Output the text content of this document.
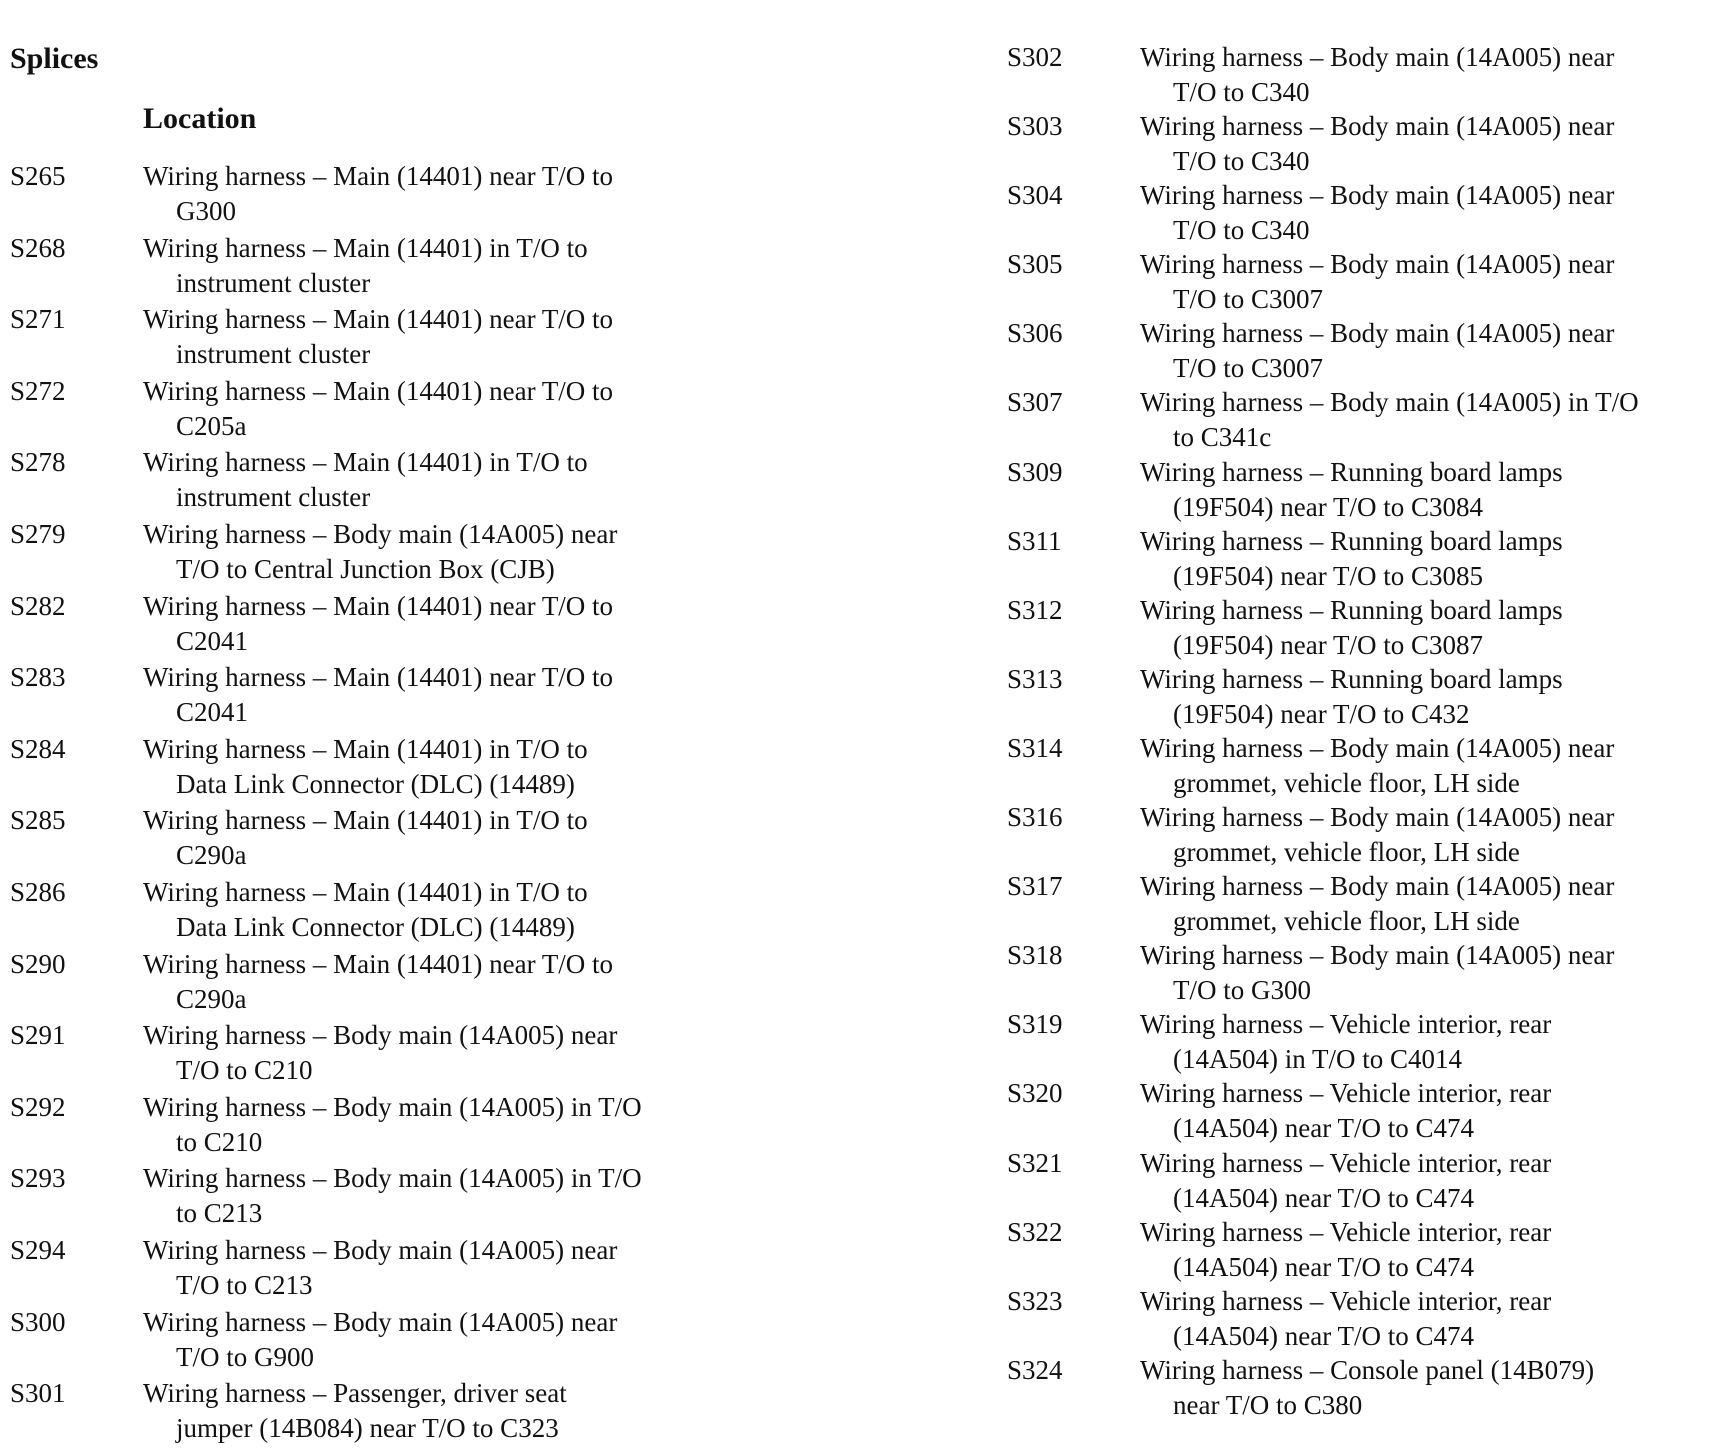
Splices
Location
S265	Wiring harness – Main (14401) near T/O to
G300
S268	Wiring harness – Main (14401) in T/O to
instrument cluster
S271	Wiring harness – Main (14401) near T/O to
instrument cluster
S272	Wiring harness – Main (14401) near T/O to
C205a
S278	Wiring harness – Main (14401) in T/O to
instrument cluster
S279	Wiring harness – Body main (14A005) near
T/O to Central Junction Box (CJB)
S282	Wiring harness – Main (14401) near T/O to
C2041
S283	Wiring harness – Main (14401) near T/O to
C2041
S284	Wiring harness – Main (14401) in T/O to
Data Link Connector (DLC) (14489)
S285	Wiring harness – Main (14401) in T/O to
C290a
S286	Wiring harness – Main (14401) in T/O to
Data Link Connector (DLC) (14489)
S290	Wiring harness – Main (14401) near T/O to
C290a
S291	Wiring harness – Body main (14A005) near
T/O to C210
S292	Wiring harness – Body main (14A005) in T/O
to C210
S293	Wiring harness – Body main (14A005) in T/O
to C213
S294	Wiring harness – Body main (14A005) near
T/O to C213
S300	Wiring harness – Body main (14A005) near
T/O to G900
S301	Wiring harness – Passenger, driver seat
jumper (14B084) near T/O to C323
S302	Wiring harness – Body main (14A005) near
T/O to C340
S303	Wiring harness – Body main (14A005) near
T/O to C340
S304	Wiring harness – Body main (14A005) near
T/O to C340
S305	Wiring harness – Body main (14A005) near
T/O to C3007
S306	Wiring harness – Body main (14A005) near
T/O to C3007
S307	Wiring harness – Body main (14A005) in T/O
to C341c
S309	Wiring harness – Running board lamps
(19F504) near T/O to C3084
S311	Wiring harness – Running board lamps
(19F504) near T/O to C3085
S312	Wiring harness – Running board lamps
(19F504) near T/O to C3087
S313	Wiring harness – Running board lamps
(19F504) near T/O to C432
S314	Wiring harness – Body main (14A005) near
grommet, vehicle floor, LH side
S316	Wiring harness – Body main (14A005) near
grommet, vehicle floor, LH side
S317	Wiring harness – Body main (14A005) near
grommet, vehicle floor, LH side
S318	Wiring harness – Body main (14A005) near
T/O to G300
S319	Wiring harness – Vehicle interior, rear
(14A504) in T/O to C4014
S320	Wiring harness – Vehicle interior, rear
(14A504) near T/O to C474
S321	Wiring harness – Vehicle interior, rear
(14A504) near T/O to C474
S322	Wiring harness – Vehicle interior, rear
(14A504) near T/O to C474
S323	Wiring harness – Vehicle interior, rear
(14A504) near T/O to C474
S324	Wiring harness – Console panel (14B079)
near T/O to C380
